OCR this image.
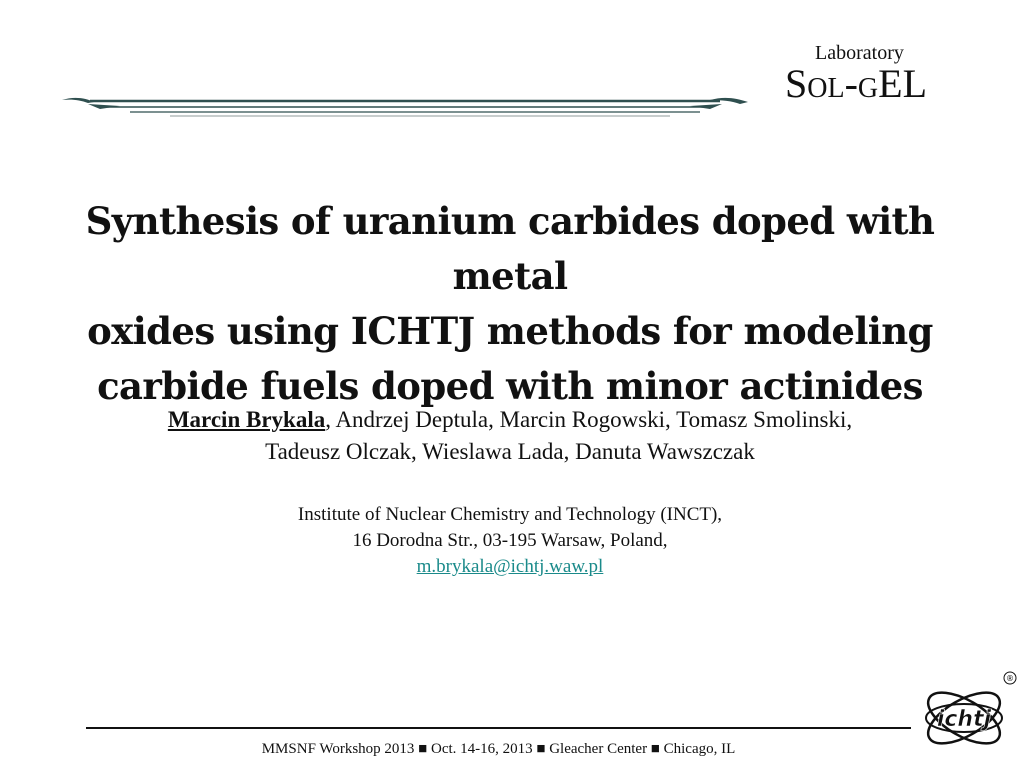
Laboratory
SOL-GEL
Synthesis of uranium carbides doped with metal
oxides using ICHTJ methods for modeling
carbide fuels doped with minor actinides

Marcin Brykala, Andrzej Deptula, Marcin Rogowski, Tomasz Smolinski,
Tadeusz Olczak, Wieslawa Lada, Danuta Wawszczak

Institute of Nuclear Chemistry and Technology (INCT),
16 Dorodna Str., 03-195 Warsaw, Poland,
m.brykala@ichtj.waw.pl

MMSNF Workshop 2013 ■ Oct. 14-16, 2013 ■ Gleacher Center ■ Chicago, IL
ichtj
®
